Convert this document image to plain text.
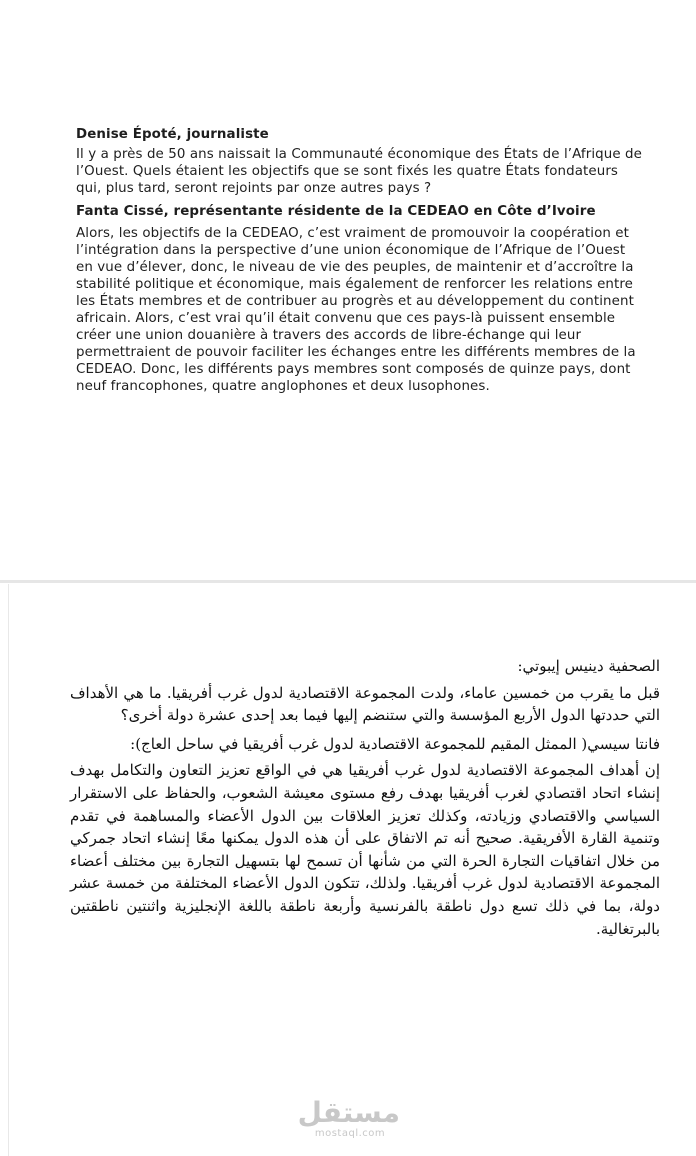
Denise Époté, journaliste

Il y a près de 50 ans naissait la Communauté économique des États de l’Afrique de l’Ouest. Quels étaient les objectifs que se sont fixés les quatre États fondateurs qui, plus tard, seront rejoints par onze autres pays ?

Fanta Cissé, représentante résidente de la CEDEAO en Côte d’Ivoire

Alors, les objectifs de la CEDEAO, c’est vraiment de promouvoir la coopération et l’intégration dans la perspective d’une union économique de l’Afrique de l’Ouest en vue d’élever, donc, le niveau de vie des peuples, de maintenir et d’accroître la stabilité politique et économique, mais également de renforcer les relations entre les États membres et de contribuer au progrès et au développement du continent africain. Alors, c’est vrai qu’il était convenu que ces pays-là puissent ensemble créer une union douanière à travers des accords de libre-échange qui leur permettraient de pouvoir faciliter les échanges entre les différents membres de la CEDEAO. Donc, les différents pays membres sont composés de quinze pays, dont neuf francophones, quatre anglophones et deux lusophones.

الصحفية دينيس إيبوتي:

قبل ما يقرب من خمسين عاماء، ولدت المجموعة الاقتصادية لدول غرب أفريقيا. ما هي الأهداف التي حددتها الدول الأربع المؤسسة والتي ستنضم إليها فيما بعد إحدى عشرة دولة أخرى؟

فانتا سيسي( الممثل المقيم للمجموعة الاقتصادية لدول غرب أفريقيا في ساحل العاج):

إن أهداف المجموعة الاقتصادية لدول غرب أفريقيا هي في الواقع تعزيز التعاون والتكامل بهدف إنشاء اتحاد اقتصادي لغرب أفريقيا بهدف رفع مستوى معيشة الشعوب، والحفاظ على الاستقرار السياسي والاقتصادي وزيادته، وكذلك تعزيز العلاقات بين الدول الأعضاء والمساهمة في تقدم وتنمية القارة الأفريقية. صحيح أنه تم الاتفاق على أن هذه الدول يمكنها معًا إنشاء اتحاد جمركي من خلال اتفاقيات التجارة الحرة التي من شأنها أن تسمح لها بتسهيل التجارة بين مختلف أعضاء المجموعة الاقتصادية لدول غرب أفريقيا. ولذلك، تتكون الدول الأعضاء المختلفة من خمسة عشر دولة، بما في ذلك تسع دول ناطقة بالفرنسية وأربعة ناطقة باللغة الإنجليزية واثنتين ناطقتين بالبرتغالية.

مستقل
mostaql.com
